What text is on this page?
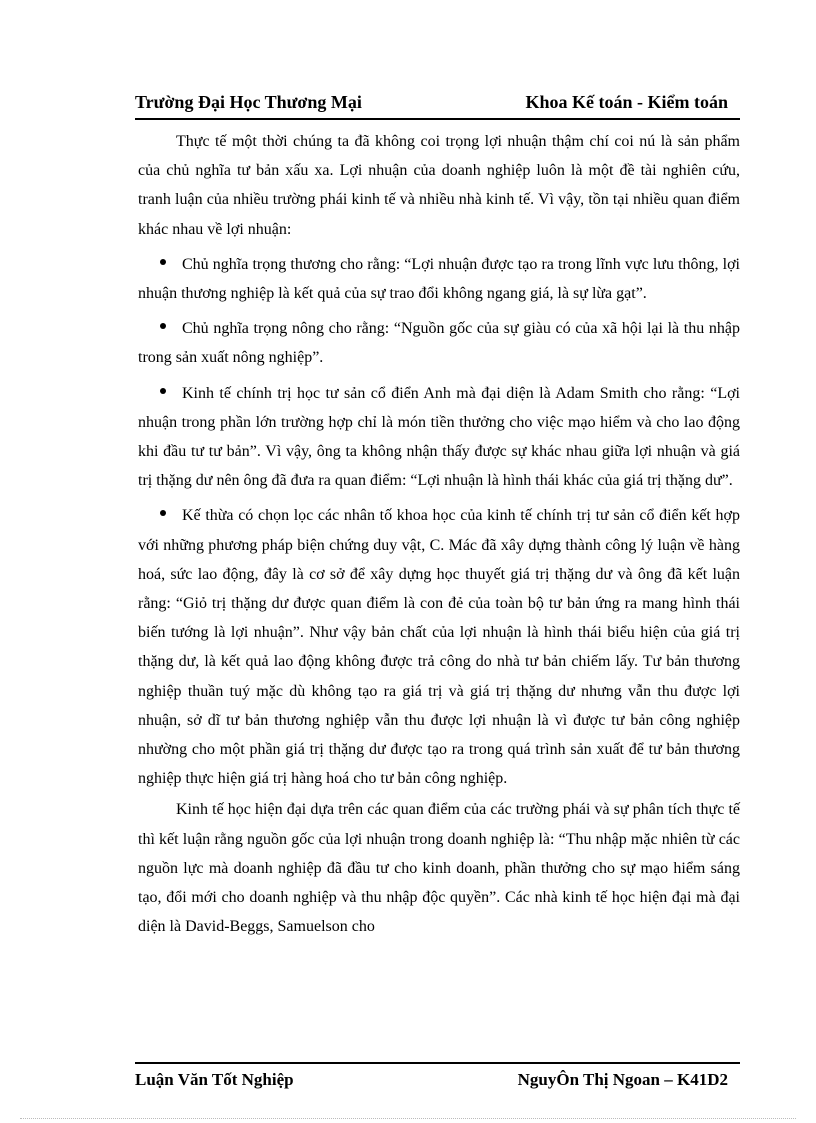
Trường Đại Học Thương Mại	Khoa Kế toán - Kiểm toán

Thực tế một thời chúng ta đã không coi trọng lợi nhuận thậm chí coi nú là sản phẩm của chủ nghĩa tư bản xấu xa. Lợi nhuận của doanh nghiệp luôn là một đề tài nghiên cứu, tranh luận của nhiều trường phái kinh tế và nhiều nhà kinh tế. Vì vậy, tồn tại nhiều quan điểm khác nhau về lợi nhuận:

Chủ nghĩa trọng thương cho rằng: “Lợi nhuận được tạo ra trong lĩnh vực lưu thông, lợi nhuận thương nghiệp là kết quả của sự trao đổi không ngang giá, là sự lừa gạt”.

Chủ nghĩa trọng nông cho rằng: “Nguồn gốc của sự giàu có của xã hội lại là thu nhập trong sản xuất nông nghiệp”.

Kinh tế chính trị học tư sản cổ điển Anh mà đại diện là Adam Smith cho rằng: “Lợi nhuận trong phần lớn trường hợp chỉ là món tiền thưởng cho việc mạo hiểm và cho lao động khi đầu tư tư bản”. Vì vậy, ông ta không nhận thấy được sự khác nhau giữa lợi nhuận và giá trị thặng dư nên ông đã đưa ra quan điểm: “Lợi nhuận là hình thái khác của giá trị thặng dư”.

Kế thừa có chọn lọc các nhân tố khoa học của kinh tế chính trị tư sản cổ điển kết hợp với những phương pháp biện chứng duy vật, C. Mác đã xây dựng thành công lý luận về hàng hoá, sức lao động, đây là cơ sở để xây dựng học thuyết giá trị thặng dư và ông đã kết luận rằng: “Giỏ trị thặng dư được quan điểm là con đẻ của toàn bộ tư bản ứng ra mang hình thái biến tướng là lợi nhuận”. Như vậy bản chất của lợi nhuận là hình thái biểu hiện của giá trị thặng dư, là kết quả lao động không được trả công do nhà tư bản chiếm lấy. Tư bản thương nghiệp thuần tuý mặc dù không tạo ra giá trị và giá trị thặng dư nhưng vẫn thu được lợi nhuận, sở dĩ tư bản thương nghiệp vẫn thu được lợi nhuận là vì được tư bản công nghiệp nhường cho một phần giá trị thặng dư được tạo ra trong quá trình sản xuất để tư bản thương nghiệp thực hiện giá trị hàng hoá cho tư bản công nghiệp.

Kinh tế học hiện đại dựa trên các quan điểm của các trường phái và sự phân tích thực tế thì kết luận rằng nguồn gốc của lợi nhuận trong doanh nghiệp là: “Thu nhập mặc nhiên từ các nguồn lực mà doanh nghiệp đã đầu tư cho kinh doanh, phần thưởng cho sự mạo hiểm sáng tạo, đổi mới cho doanh nghiệp và thu nhập độc quyền”. Các nhà kinh tế học hiện đại mà đại diện là David-Beggs, Samuelson cho

Luận Văn Tốt Nghiệp	NguyÔn Thị Ngoan – K41D2
